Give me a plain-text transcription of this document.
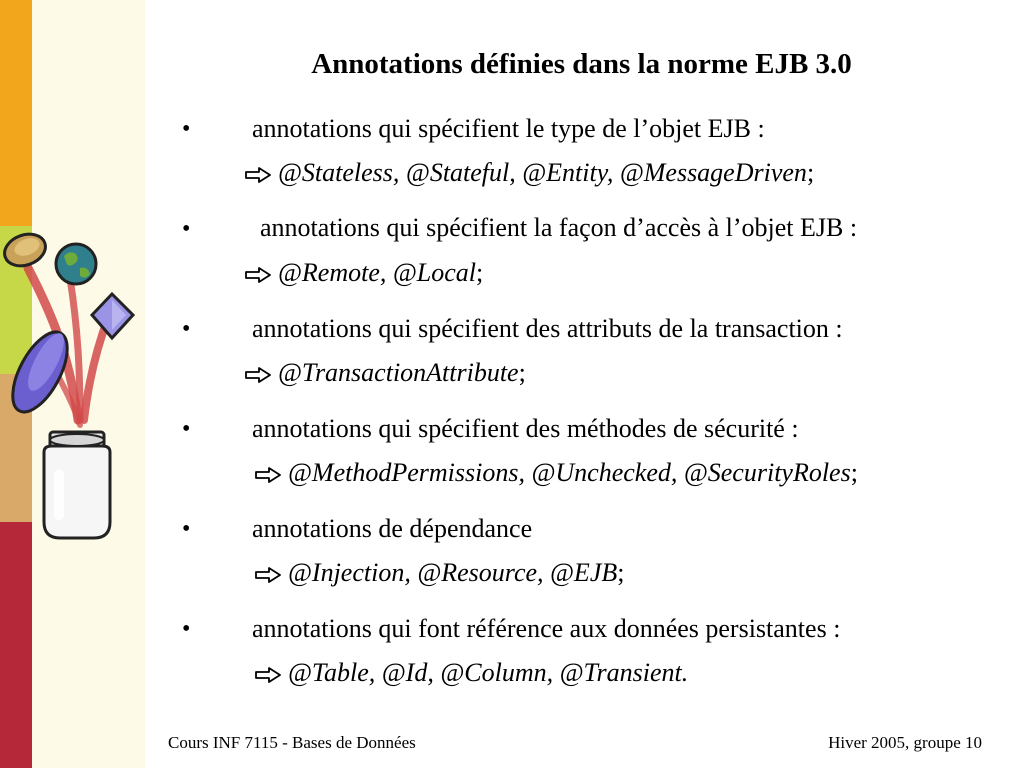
Annotations définies dans la norme EJB 3.0
• annotations qui spécifient le type de l’objet EJB :
@Stateless, @Stateful, @Entity, @MessageDriven;
•	annotations qui spécifient la façon d’accès à l’objet EJB :
@Remote, @Local;
• annotations qui spécifient des attributs de la transaction :
@TransactionAttribute;
• annotations qui spécifient des méthodes de sécurité :
@MethodPermissions, @Unchecked, @SecurityRoles;
• annotations de dépendance
@Injection, @Resource, @EJB;
• annotations qui font référence aux données persistantes :
@Table, @Id, @Column, @Transient.
Cours INF 7115 - Bases de Données	Hiver 2005, groupe 10
